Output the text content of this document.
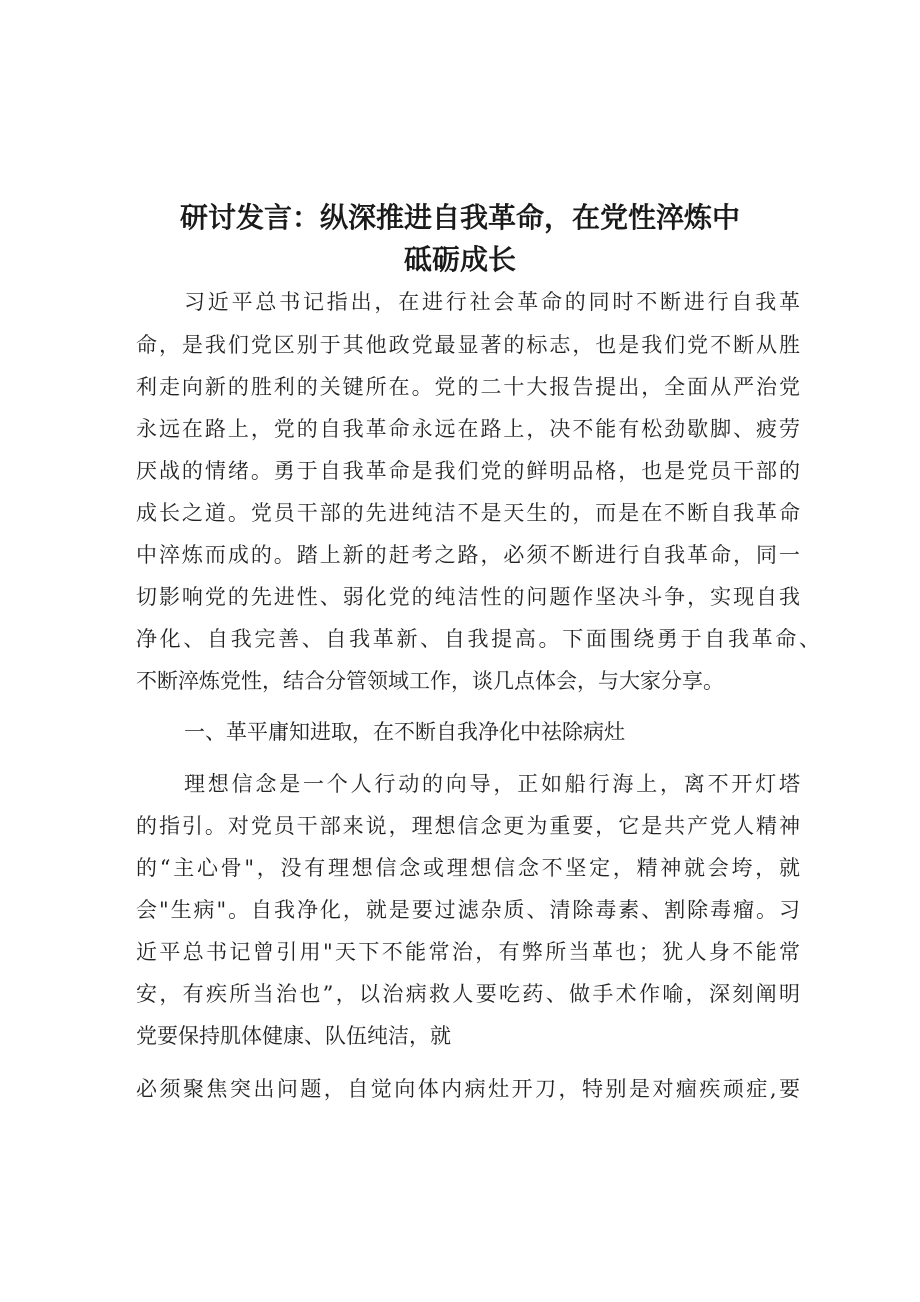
研讨发言：纵深推进自我革命，在党性淬炼中
砥砺成长

习近平总书记指出，在进行社会革命的同时不断进行自我革

命，是我们党区别于其他政党最显著的标志，也是我们党不断从胜

利走向新的胜利的关键所在。党的二十大报告提出，全面从严治党

永远在路上，党的自我革命永远在路上，决不能有松劲歇脚、疲劳

厌战的情绪。勇于自我革命是我们党的鲜明品格，也是党员干部的

成长之道。党员干部的先进纯洁不是天生的，而是在不断自我革命

中淬炼而成的。踏上新的赶考之路，必须不断进行自我革命，同一

切影响党的先进性、弱化党的纯洁性的问题作坚决斗争，实现自我

净化、自我完善、自我革新、自我提高。下面围绕勇于自我革命、

不断淬炼党性，结合分管领域工作，谈几点体会，与大家分享。

一、革平庸知进取，在不断自我净化中祛除病灶

理想信念是一个人行动的向导，正如船行海上，离不开灯塔

的指引。对党员干部来说，理想信念更为重要，它是共产党人精神

的“主心骨"，没有理想信念或理想信念不坚定，精神就会垮，就

会"生病"。自我净化，就是要过滤杂质、清除毒素、割除毒瘤。习

近平总书记曾引用"天下不能常治，有弊所当革也；犹人身不能常

安，有疾所当治也”，以治病救人要吃药、做手术作喻，深刻阐明

党要保持肌体健康、队伍纯洁，就

必须聚焦突出问题，自觉向体内病灶开刀，特别是对痼疾顽症,要
